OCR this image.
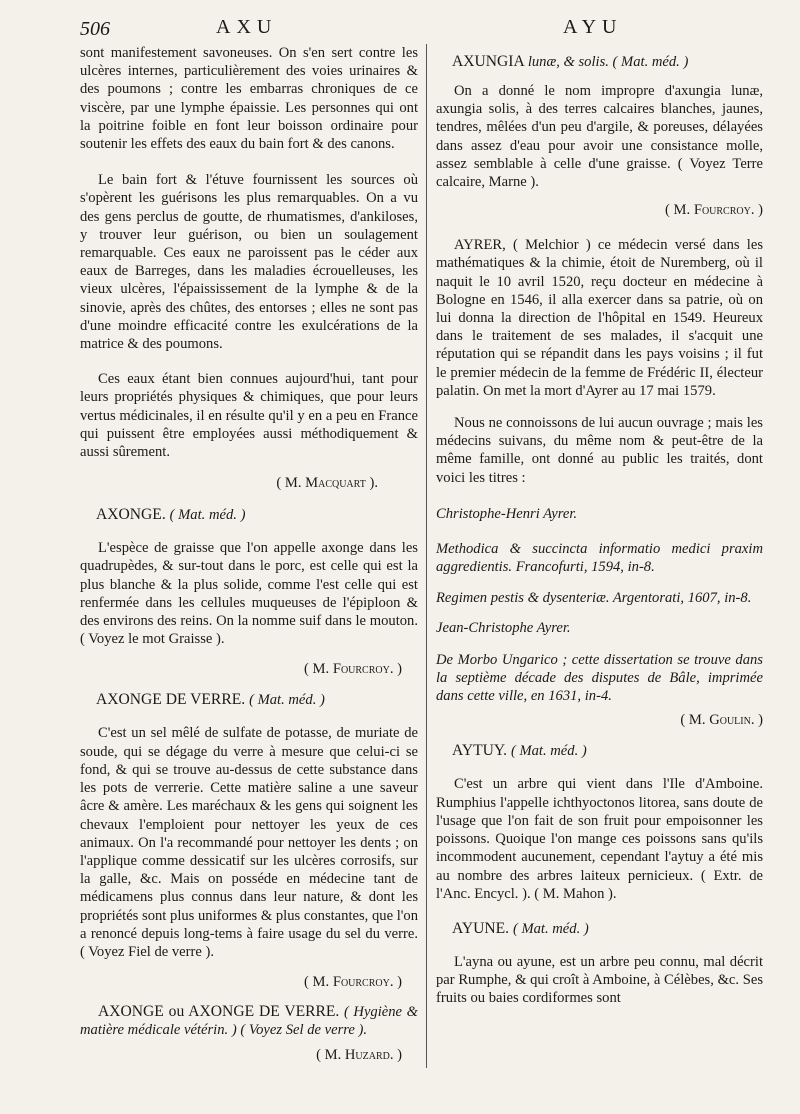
506	AXU	AYU

sont manifestement savoneuses. On s'en sert contre les ulcères internes, particulièrement des voies urinaires & des poumons ; contre les embarras chroniques de ce viscère, par une lymphe épaissie. Les personnes qui ont la poitrine foible en font leur boisson ordinaire pour soutenir les effets des eaux du bain fort & des canons.

Le bain fort & l'étuve fournissent les sources où s'opèrent les guérisons les plus remarquables. On a vu des gens perclus de goutte, de rhumatismes, d'ankiloses, y trouver leur guérison, ou bien un soulagement remarquable. Ces eaux ne paroissent pas le céder aux eaux de Barreges, dans les maladies écrouelleuses, les vieux ulcères, l'épaississement de la lymphe & de la sinovie, après des chûtes, des entorses ; elles ne sont pas d'une moindre efficacité contre les exulcérations de la matrice & des poumons.

Ces eaux étant bien connues aujourd'hui, tant pour leurs propriétés physiques & chimiques, que pour leurs vertus médicinales, il en résulte qu'il y en a peu en France qui puissent être employées aussi méthodiquement & aussi sûrement.

( M. Macquart ).
AXONGE. ( Mat. méd. )

L'espèce de graisse que l'on appelle axonge dans les quadrupèdes, & sur-tout dans le porc, est celle qui est la plus blanche & la plus solide, comme l'est celle qui est renfermée dans les cellules muqueuses de l'épiploon & des environs des reins. On la nomme suif dans le mouton. ( Voyez le mot Graisse ).

( M. Fourcroy. )
AXONGE DE VERRE. ( Mat. méd. )

C'est un sel mêlé de sulfate de potasse, de muriate de soude, qui se dégage du verre à mesure que celui-ci se fond, & qui se trouve au-dessus de cette substance dans les pots de verrerie. Cette matière saline a une saveur âcre & amère. Les maréchaux & les gens qui soignent les chevaux l'emploient pour nettoyer les yeux de ces animaux. On l'a recommandé pour nettoyer les dents ; on l'applique comme dessicatif sur les ulcères corrosifs, sur la galle, &c. Mais on posséde en médecine tant de médicamens plus connus dans leur nature, & dont les propriétés sont plus uniformes & plus constantes, que l'on a renoncé depuis long-tems à faire usage du sel du verre. ( Voyez Fiel de verre ).

( M. Fourcroy. )

AXONGE ou AXONGE DE VERRE. ( Hygiène & matière médicale vétérin. ) ( Voyez Sel de verre ).

( M. Huzard. )
AXUNGIA lunæ, & solis. ( Mat. méd. )

On a donné le nom impropre d'axungia lunæ, axungia solis, à des terres calcaires blanches, jaunes, tendres, mêlées d'un peu d'argile, & poreuses, délayées dans assez d'eau pour avoir une consistance molle, assez semblable à celle d'une graisse. ( Voyez Terre calcaire, Marne ).

( M. Fourcroy. )

AYRER, ( Melchior ) ce médecin versé dans les mathématiques & la chimie, étoit de Nuremberg, où il naquit le 10 avril 1520, reçu docteur en médecine à Bologne en 1546, il alla exercer dans sa patrie, où on lui donna la direction de l'hôpital en 1549. Heureux dans le traitement de ses malades, il s'acquit une réputation qui se répandit dans les pays voisins ; il fut le premier médecin de la femme de Frédéric II, électeur palatin. On met la mort d'Ayrer au 17 mai 1579.

Nous ne connoissons de lui aucun ouvrage ; mais les médecins suivans, du même nom & peut-être de la même famille, ont donné au public les traités, dont voici les titres :

Christophe-Henri Ayrer.

Methodica & succincta informatio medici praxim aggredientis. Francofurti, 1594, in-8.

Regimen pestis & dysenteriæ. Argentorati, 1607, in-8.

Jean-Christophe Ayrer.

De Morbo Ungarico ; cette dissertation se trouve dans la septième décade des disputes de Bâle, imprimée dans cette ville, en 1631, in-4.

( M. Goulin. )
AYTUY. ( Mat. méd. )

C'est un arbre qui vient dans l'Ile d'Amboine. Rumphius l'appelle ichthyoctonos litorea, sans doute de l'usage que l'on fait de son fruit pour empoisonner les poissons. Quoique l'on mange ces poissons sans qu'ils incommodent aucunement, cependant l'aytuy a été mis au nombre des arbres laiteux pernicieux. ( Extr. de l'Anc. Encycl. ). ( M. Mahon ).

AYUNE. ( Mat. méd. )

L'ayna ou ayune, est un arbre peu connu, mal décrit par Rumphe, & qui croît à Amboine, à Célèbes, &c. Ses fruits ou baies cordiformes sont
